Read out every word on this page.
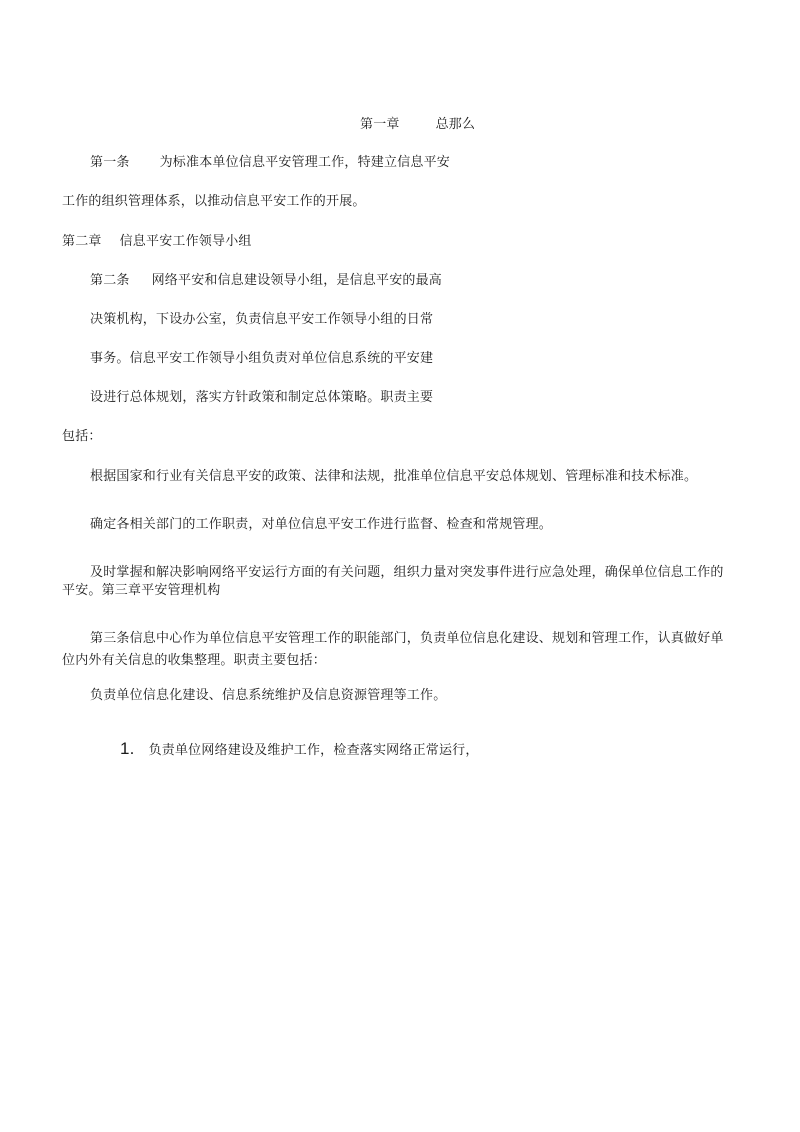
第一章	总那么
第一条 为标准本单位信息平安管理工作，特建立信息平安
工作的组织管理体系，以推动信息平安工作的开展。
第二章 信息平安工作领导小组
第二条 网络平安和信息建设领导小组，是信息平安的最高
决策机构，下设办公室，负责信息平安工作领导小组的日常
事务。信息平安工作领导小组负责对单位信息系统的平安建
设进行总体规划，落实方针政策和制定总体策略。职责主要
包括：
根据国家和行业有关信息平安的政策、法律和法规，批准单位信息平安总体规划、管理标准和技术标准。
确定各相关部门的工作职责，对单位信息平安工作进行监督、检查和常规管理。
及时掌握和解决影响网络平安运行方面的有关问题，组织力量对突发事件进行应急处理，确保单位信息工作的
平安。第三章平安管理机构
第三条信息中心作为单位信息平安管理工作的职能部门，负责单位信息化建设、规划和管理工作，认真做好单
位内外有关信息的收集整理。职责主要包括：
负责单位信息化建设、信息系统维护及信息资源管理等工作。
1. 负责单位网络建设及维护工作，检查落实网络正常运行，
